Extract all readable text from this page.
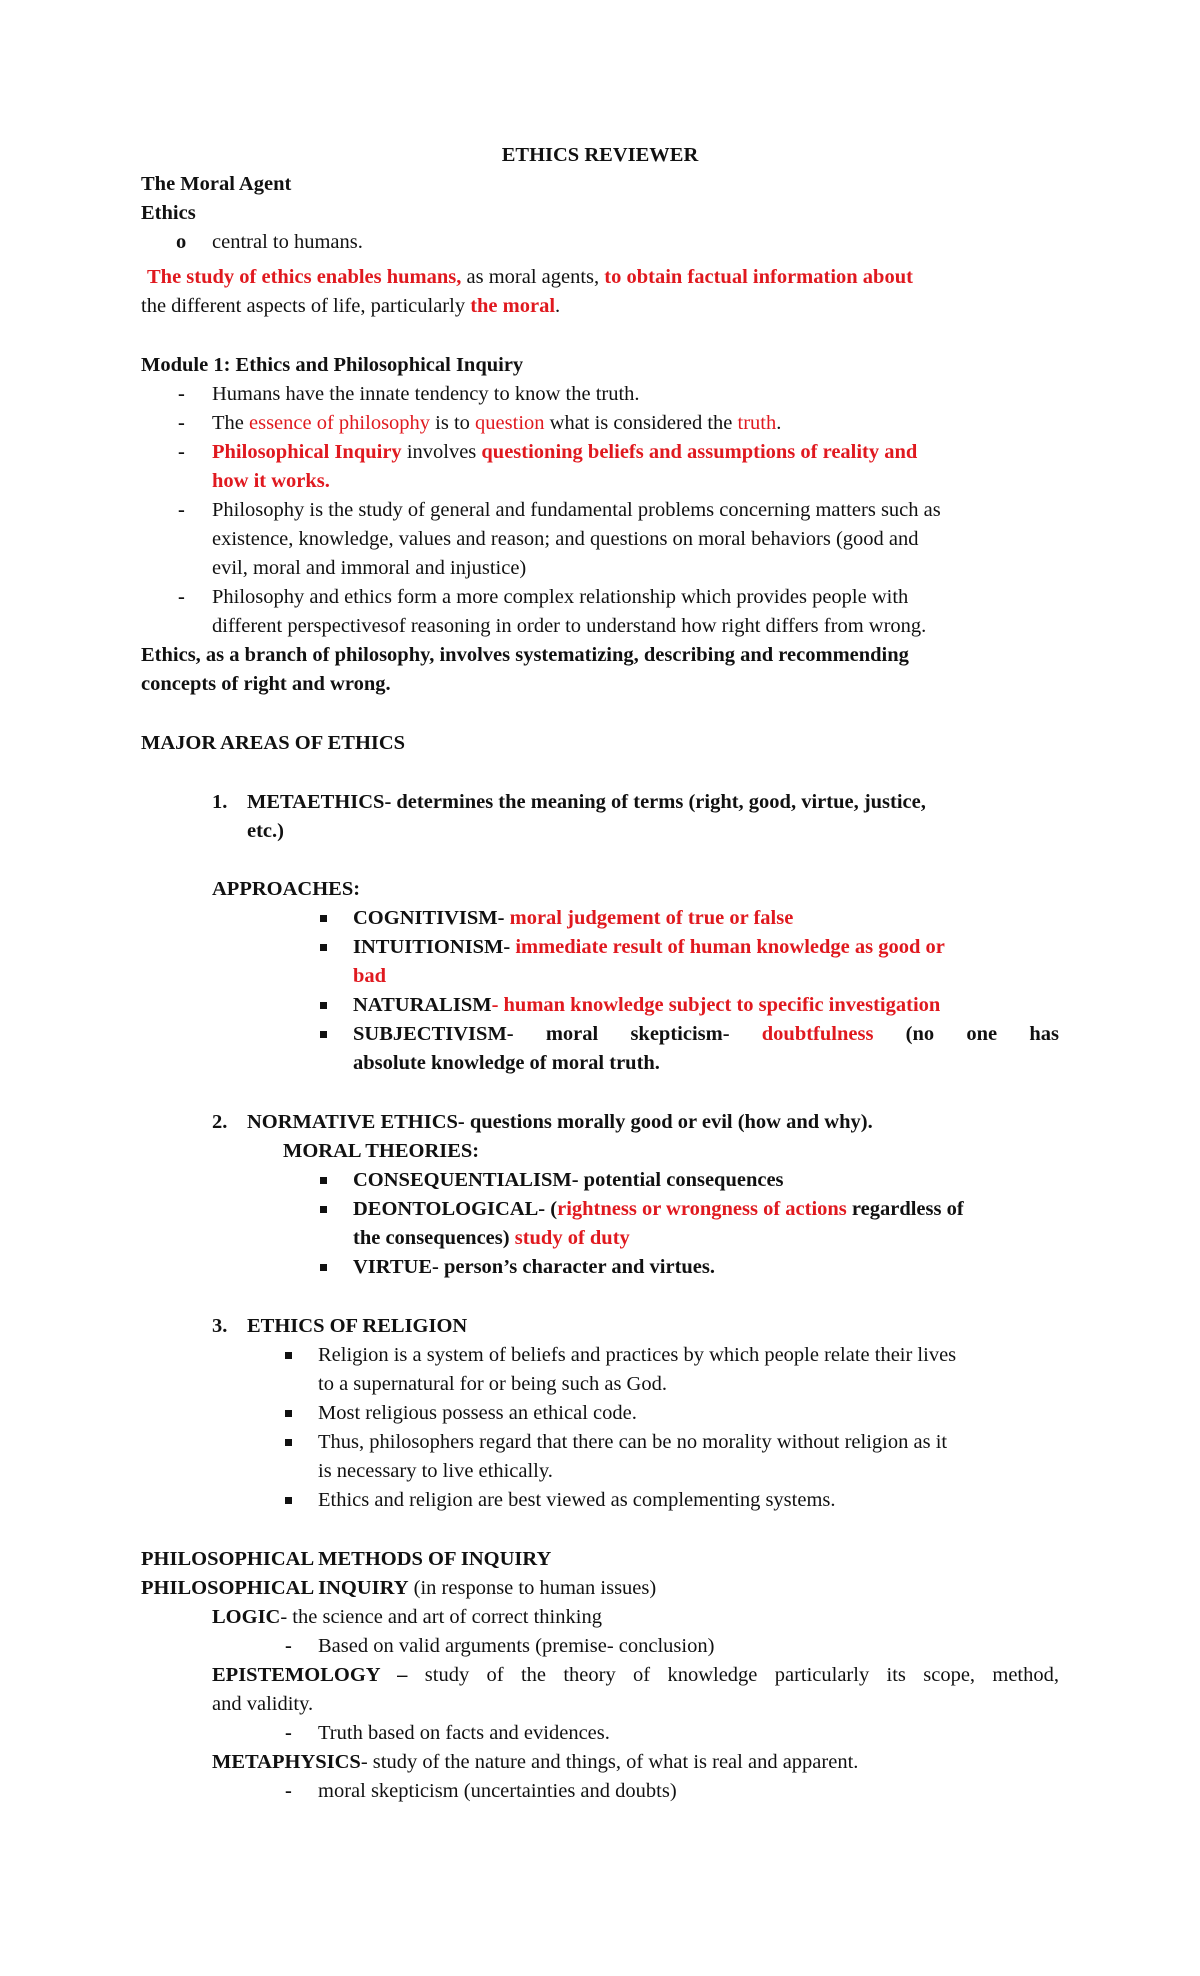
ETHICS REVIEWER
The Moral Agent
Ethics
o central to humans.
The study of ethics enables humans, as moral agents, to obtain factual information about
the different aspects of life, particularly the moral.
Module 1: Ethics and Philosophical Inquiry
- Humans have the innate tendency to know the truth.
- The essence of philosophy is to question what is considered the truth.
- Philosophical Inquiry involves questioning beliefs and assumptions of reality and
how it works.
- Philosophy is the study of general and fundamental problems concerning matters such as
existence, knowledge, values and reason; and questions on moral behaviors (good and
evil, moral and immoral and injustice)
- Philosophy and ethics form a more complex relationship which provides people with
different perspectivesof reasoning in order to understand how right differs from wrong.
Ethics, as a branch of philosophy, involves systematizing, describing and recommending
concepts of right and wrong.
MAJOR AREAS OF ETHICS
1. METAETHICS- determines the meaning of terms (right, good, virtue, justice,
etc.)
APPROACHES:
COGNITIVISM- moral judgement of true or false
INTUITIONISM- immediate result of human knowledge as good or
bad
NATURALISM- human knowledge subject to specific investigation
SUBJECTIVISM- moral skepticism- doubtfulness (no one has
absolute knowledge of moral truth.
2. NORMATIVE ETHICS- questions morally good or evil (how and why).
MORAL THEORIES:
CONSEQUENTIALISM- potential consequences
DEONTOLOGICAL- (rightness or wrongness of actions regardless of
the consequences) study of duty
VIRTUE- person’s character and virtues.
3. ETHICS OF RELIGION
Religion is a system of beliefs and practices by which people relate their lives
to a supernatural for or being such as God.
Most religious possess an ethical code.
Thus, philosophers regard that there can be no morality without religion as it
is necessary to live ethically.
Ethics and religion are best viewed as complementing systems.
PHILOSOPHICAL METHODS OF INQUIRY
PHILOSOPHICAL INQUIRY (in response to human issues)
LOGIC- the science and art of correct thinking
- Based on valid arguments (premise- conclusion)
EPISTEMOLOGY – study of the theory of knowledge particularly its scope, method,
and validity.
- Truth based on facts and evidences.
METAPHYSICS- study of the nature and things, of what is real and apparent.
- moral skepticism (uncertainties and doubts)
